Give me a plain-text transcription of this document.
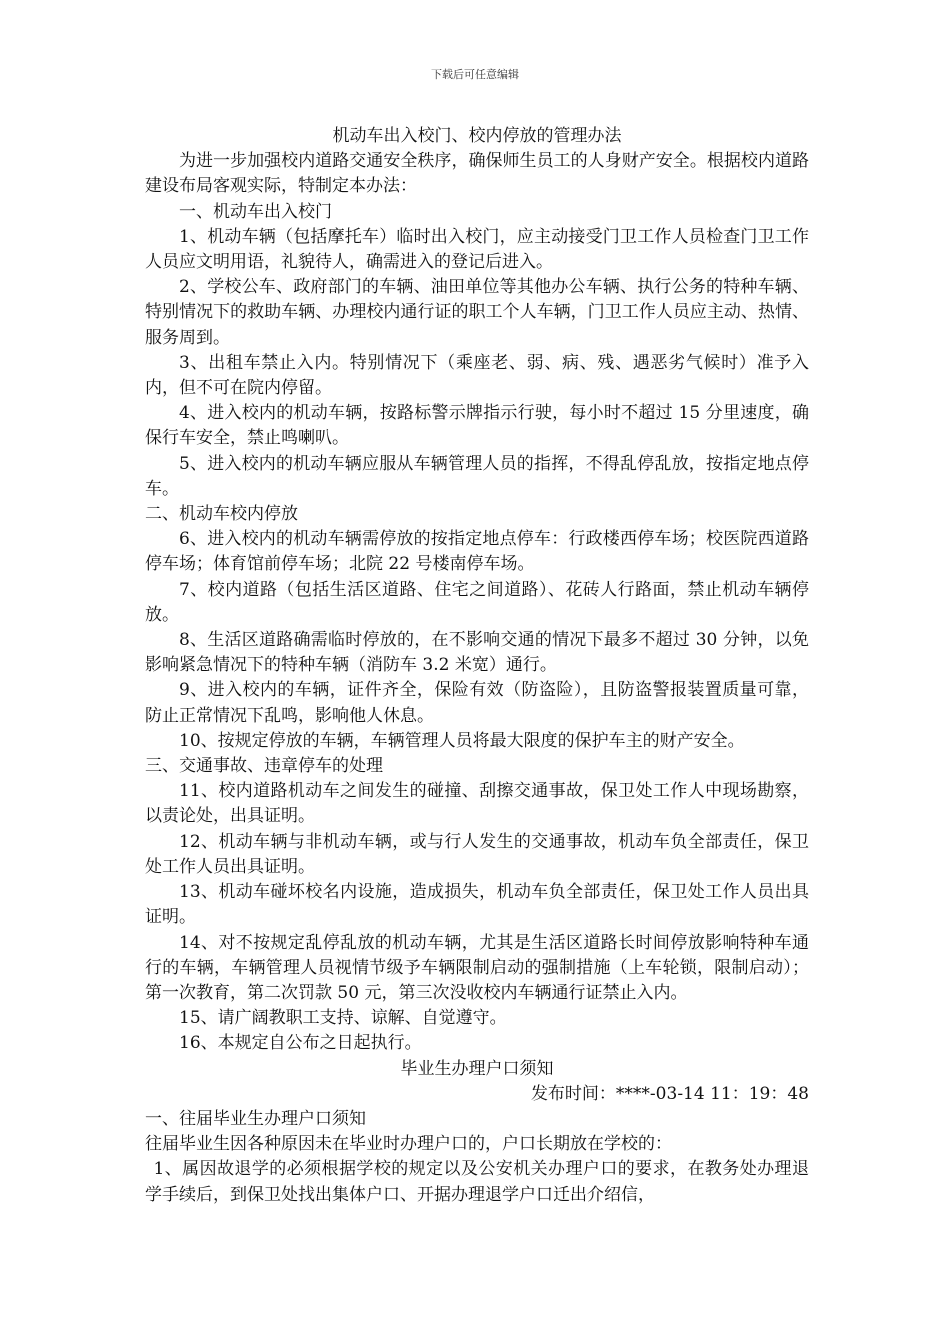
下载后可任意编辑

机动车出入校门、校内停放的管理办法

为进一步加强校内道路交通安全秩序，确保师生员工的人身财产安全。根据校内道路建设布局客观实际，特制定本办法：

一、机动车出入校门

1、机动车辆（包括摩托车）临时出入校门，应主动接受门卫工作人员检查门卫工作人员应文明用语，礼貌待人，确需进入的登记后进入。

2、学校公车、政府部门的车辆、油田单位等其他办公车辆、执行公务的特种车辆、特别情况下的救助车辆、办理校内通行证的职工个人车辆，门卫工作人员应主动、热情、服务周到。

3、出租车禁止入内。特别情况下（乘座老、弱、病、残、遇恶劣气候时）准予入内，但不可在院内停留。

4、进入校内的机动车辆，按路标警示牌指示行驶，每小时不超过 15 分里速度，确保行车安全，禁止鸣喇叭。

5、进入校内的机动车辆应服从车辆管理人员的指挥，不得乱停乱放，按指定地点停车。

二、机动车校内停放

6、进入校内的机动车辆需停放的按指定地点停车：行政楼西停车场；校医院西道路停车场；体育馆前停车场；北院 22 号楼南停车场。

7、校内道路（包括生活区道路、住宅之间道路）、花砖人行路面，禁止机动车辆停放。

8、生活区道路确需临时停放的，在不影响交通的情况下最多不超过 30 分钟，以免影响紧急情况下的特种车辆（消防车 3.2 米宽）通行。

9、进入校内的车辆，证件齐全，保险有效（防盗险），且防盗警报装置质量可靠，防止正常情况下乱鸣，影响他人休息。

10、按规定停放的车辆，车辆管理人员将最大限度的保护车主的财产安全。

三、交通事故、违章停车的处理

11、校内道路机动车之间发生的碰撞、刮擦交通事故，保卫处工作人中现场勘察，以责论处，出具证明。

12、机动车辆与非机动车辆，或与行人发生的交通事故，机动车负全部责任，保卫处工作人员出具证明。

13、机动车碰坏校名内设施，造成损失，机动车负全部责任，保卫处工作人员出具证明。

14、对不按规定乱停乱放的机动车辆，尤其是生活区道路长时间停放影响特种车通行的车辆，车辆管理人员视情节级予车辆限制启动的强制措施（上车轮锁，限制启动）；第一次教育，第二次罚款 50 元，第三次没收校内车辆通行证禁止入内。

15、请广阔教职工支持、谅解、自觉遵守。

16、本规定自公布之日起执行。

毕业生办理户口须知

发布时间：****-03-14 11：19：48

一、往届毕业生办理户口须知

往届毕业生因各种原因未在毕业时办理户口的，户口长期放在学校的：

1、属因故退学的必须根据学校的规定以及公安机关办理户口的要求，在教务处办理退学手续后，到保卫处找出集体户口、开据办理退学户口迁出介绍信，
